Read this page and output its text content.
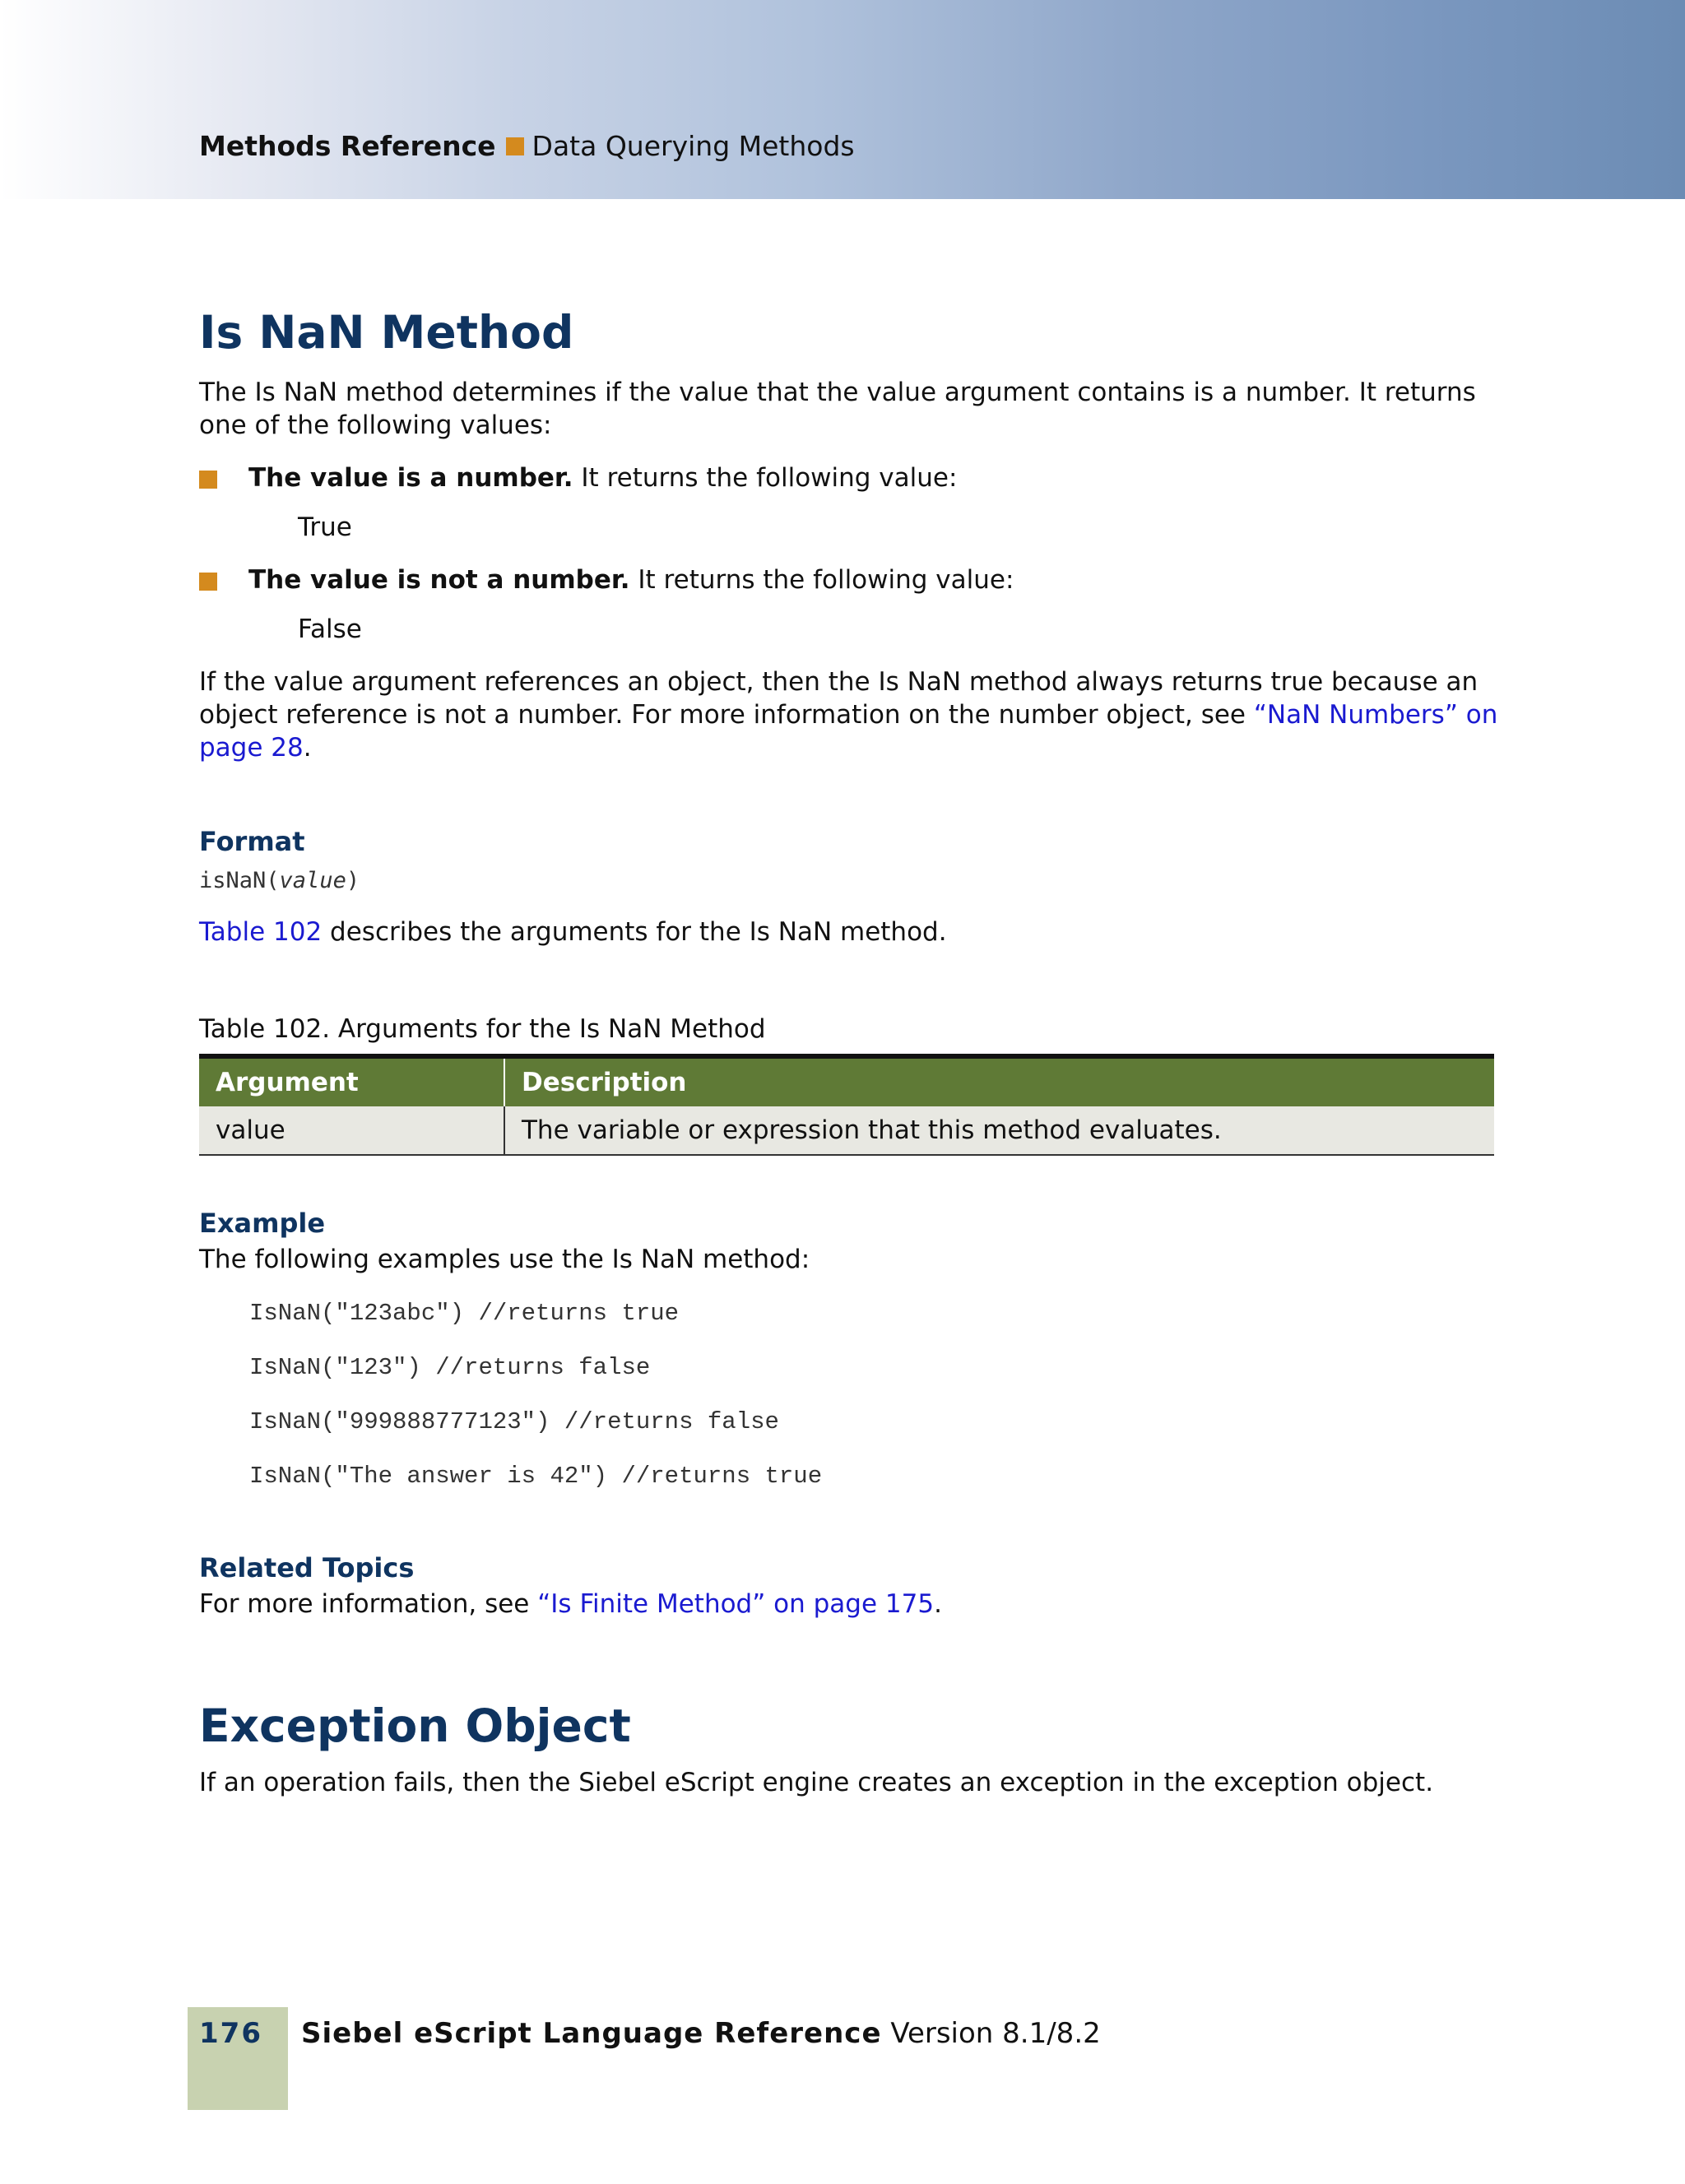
Methods Reference Data Querying Methods
Is NaN Method
The Is NaN method determines if the value that the value argument contains is a number. It returns one of the following values:
The value is a number. It returns the following value:
True
The value is not a number. It returns the following value:
False
If the value argument references an object, then the Is NaN method always returns true because an object reference is not a number. For more information on the number object, see “NaN Numbers” on page 28.
Format
isNaN(value)
Table 102 describes the arguments for the Is NaN method.
Table 102. Arguments for the Is NaN Method
Argument	Description
value	The variable or expression that this method evaluates.
Example
The following examples use the Is NaN method:
IsNaN("123abc") //returns true
IsNaN("123") //returns false
IsNaN("999888777123") //returns false
IsNaN("The answer is 42") //returns true
Related Topics
For more information, see “Is Finite Method” on page 175.
Exception Object
If an operation fails, then the Siebel eScript engine creates an exception in the exception object.
176 Siebel eScript Language Reference Version 8.1/8.2
